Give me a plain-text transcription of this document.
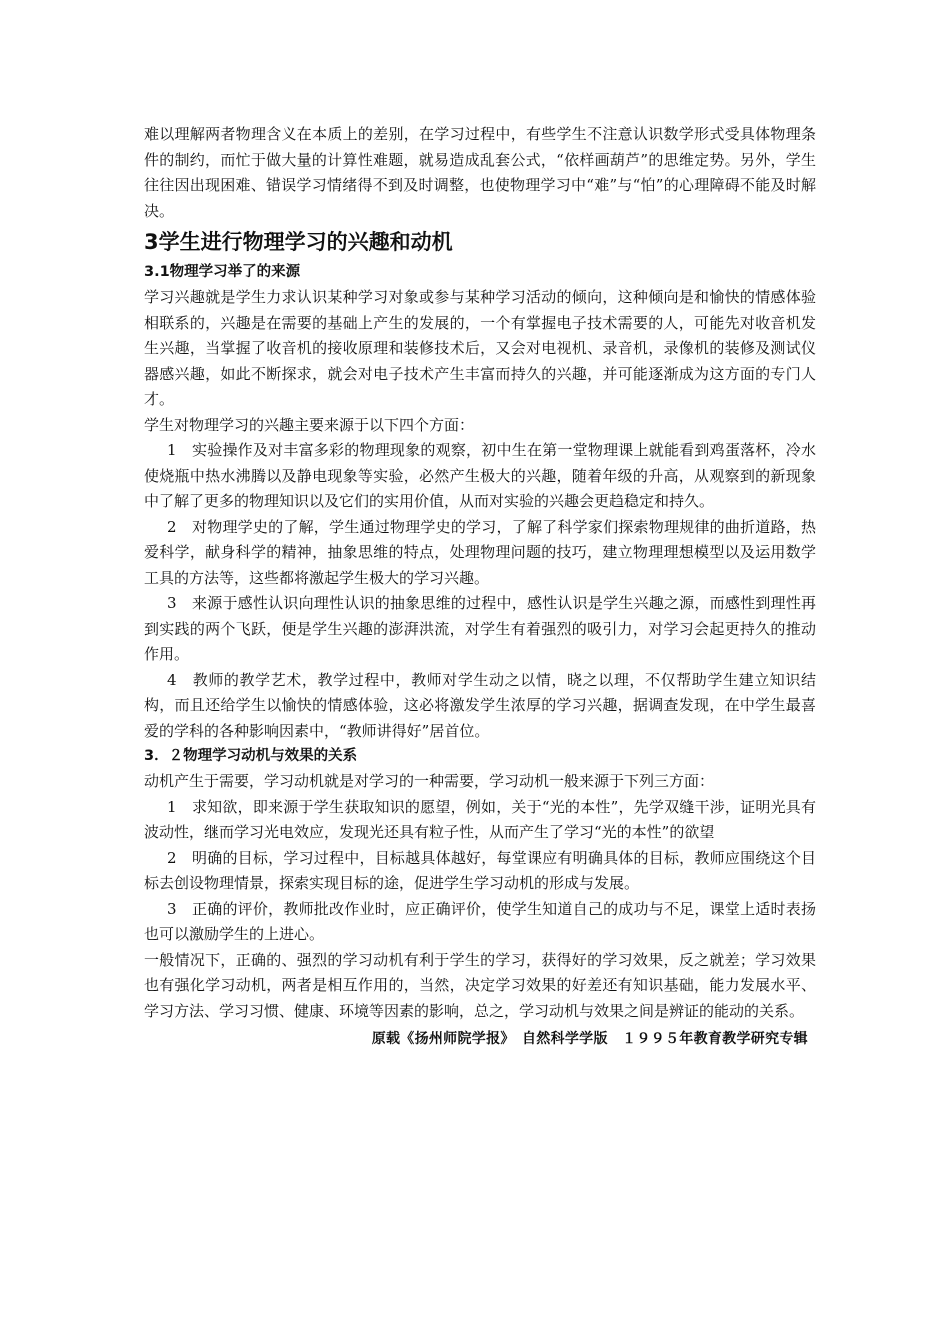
难以理解两者物理含义在本质上的差别，在学习过程中，有些学生不注意认识数学形式受具体物理条件的制约，而忙于做大量的计算性难题，就易造成乱套公式，“依样画葫芦”的思维定势。另外，学生往往因出现困难、错误学习情绪得不到及时调整，也使物理学习中“难”与“怕”的心理障碍不能及时解决。

3学生进行物理学习的兴趣和动机
3.1物理学习举了的来源

学习兴趣就是学生力求认识某种学习对象或参与某种学习活动的倾向，这种倾向是和愉快的情感体验相联系的，兴趣是在需要的基础上产生的发展的，一个有掌握电子技术需要的人，可能先对收音机发生兴趣，当掌握了收音机的接收原理和装修技术后，又会对电视机、录音机，录像机的装修及测试仪器感兴趣，如此不断探求，就会对电子技术产生丰富而持久的兴趣，并可能逐渐成为这方面的专门人才。

学生对物理学习的兴趣主要来源于以下四个方面：

1　实验操作及对丰富多彩的物理现象的观察，初中生在第一堂物理课上就能看到鸡蛋落杯，冷水使烧瓶中热水沸腾以及静电现象等实验，必然产生极大的兴趣，随着年级的升高，从观察到的新现象中了解了更多的物理知识以及它们的实用价值，从而对实验的兴趣会更趋稳定和持久。

2　对物理学史的了解，学生通过物理学史的学习，了解了科学家们探索物理规律的曲折道路，热爱科学，献身科学的精神，抽象思维的特点，处理物理问题的技巧，建立物理理想模型以及运用数学工具的方法等，这些都将激起学生极大的学习兴趣。

3　来源于感性认识向理性认识的抽象思维的过程中，感性认识是学生兴趣之源，而感性到理性再到实践的两个飞跃，便是学生兴趣的澎湃洪流，对学生有着强烈的吸引力，对学习会起更持久的推动作用。

4　教师的教学艺术，教学过程中，教师对学生动之以情，晓之以理，不仅帮助学生建立知识结构，而且还给学生以愉快的情感体验，这必将激发学生浓厚的学习兴趣，据调查发现，在中学生最喜爱的学科的各种影响因素中，“教师讲得好”居首位。

3．２物理学习动机与效果的关系

动机产生于需要，学习动机就是对学习的一种需要，学习动机一般来源于下列三方面：

1　求知欲，即来源于学生获取知识的愿望，例如，关于“光的本性”，先学双缝干涉，证明光具有波动性，继而学习光电效应，发现光还具有粒子性，从而产生了学习“光的本性”的欲望

2　明确的目标，学习过程中，目标越具体越好，每堂课应有明确具体的目标，教师应围绕这个目标去创设物理情景，探索实现目标的途，促进学生学习动机的形成与发展。

3　正确的评价，教师批改作业时，应正确评价，使学生知道自己的成功与不足，课堂上适时表扬也可以激励学生的上进心。

一般情况下，正确的、强烈的学习动机有利于学生的学习，获得好的学习效果，反之就差；学习效果也有强化学习动机，两者是相互作用的，当然，决定学习效果的好差还有知识基础，能力发展水平、学习方法、学习习惯、健康、环境等因素的影响，总之，学习动机与效果之间是辨证的能动的关系。

原载《扬州师院学报》　自然科学学版　１９９５年教育教学研究专辑
